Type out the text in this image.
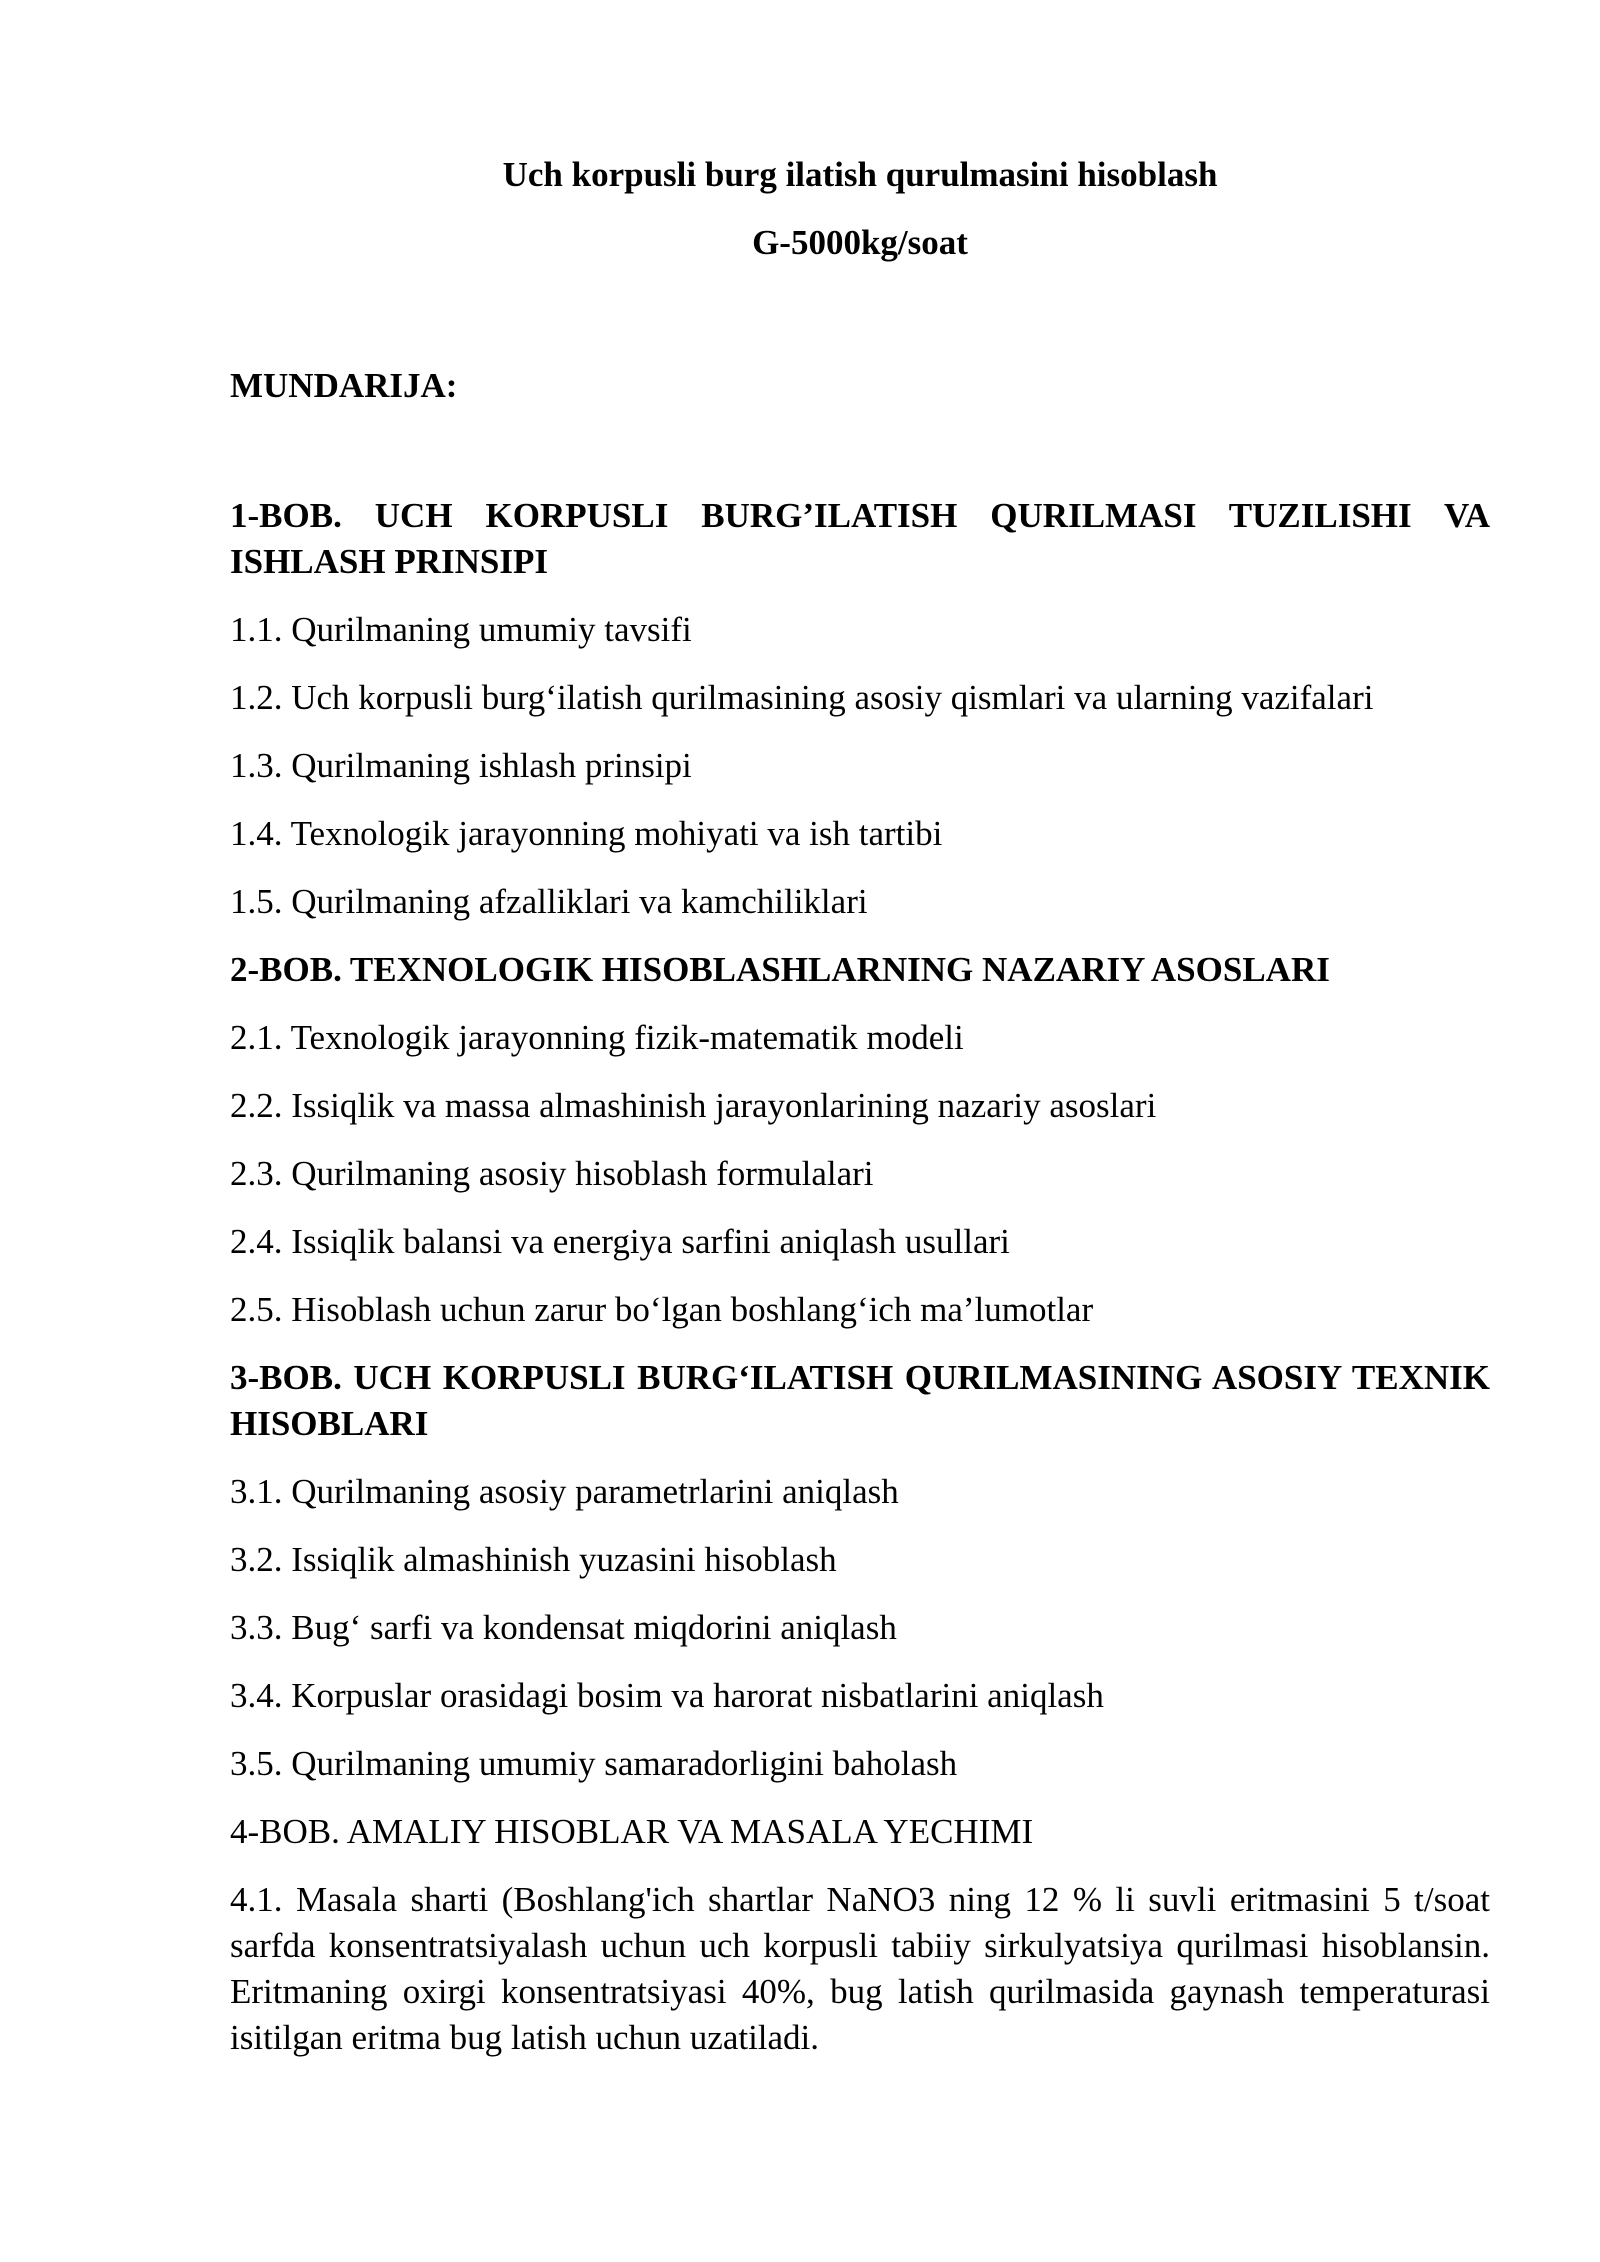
Uch korpusli burg ilatish qurulmasini hisoblash

G-5000kg/soat

MUNDARIJA:

1-BOB. UCH KORPUSLI BURG’ILATISH QURILMASI TUZILISHI VA ISHLASH PRINSIPI

1.1. Qurilmaning umumiy tavsifi

1.2. Uch korpusli burg‘ilatish qurilmasining asosiy qismlari va ularning vazifalari

1.3. Qurilmaning ishlash prinsipi

1.4. Texnologik jarayonning mohiyati va ish tartibi

1.5. Qurilmaning afzalliklari va kamchiliklari

2-BOB. TEXNOLOGIK HISOBLASHLARNING NAZARIY ASOSLARI

2.1. Texnologik jarayonning fizik-matematik modeli

2.2. Issiqlik va massa almashinish jarayonlarining nazariy asoslari

2.3. Qurilmaning asosiy hisoblash formulalari

2.4. Issiqlik balansi va energiya sarfini aniqlash usullari

2.5. Hisoblash uchun zarur bo‘lgan boshlang‘ich ma’lumotlar

3-BOB. UCH KORPUSLI BURG‘ILATISH QURILMASINING ASOSIY TEXNIK HISOBLARI

3.1. Qurilmaning asosiy parametrlarini aniqlash

3.2. Issiqlik almashinish yuzasini hisoblash

3.3. Bug‘ sarfi va kondensat miqdorini aniqlash

3.4. Korpuslar orasidagi bosim va harorat nisbatlarini aniqlash

3.5. Qurilmaning umumiy samaradorligini baholash

4-BOB. AMALIY HISOBLAR VA MASALA YECHIMI

4.1. Masala sharti (Boshlang'ich shartlar NaNO3 ning 12 % li suvli eritmasini 5 t/soat sarfda konsentratsiyalash uchun uch korpusli tabiiy sirkulyatsiya qurilmasi hisoblansin. Eritmaning oxirgi konsentratsiyasi 40%, bug latish qurilmasida gaynash temperaturasi isitilgan eritma bug latish uchun uzatiladi.
